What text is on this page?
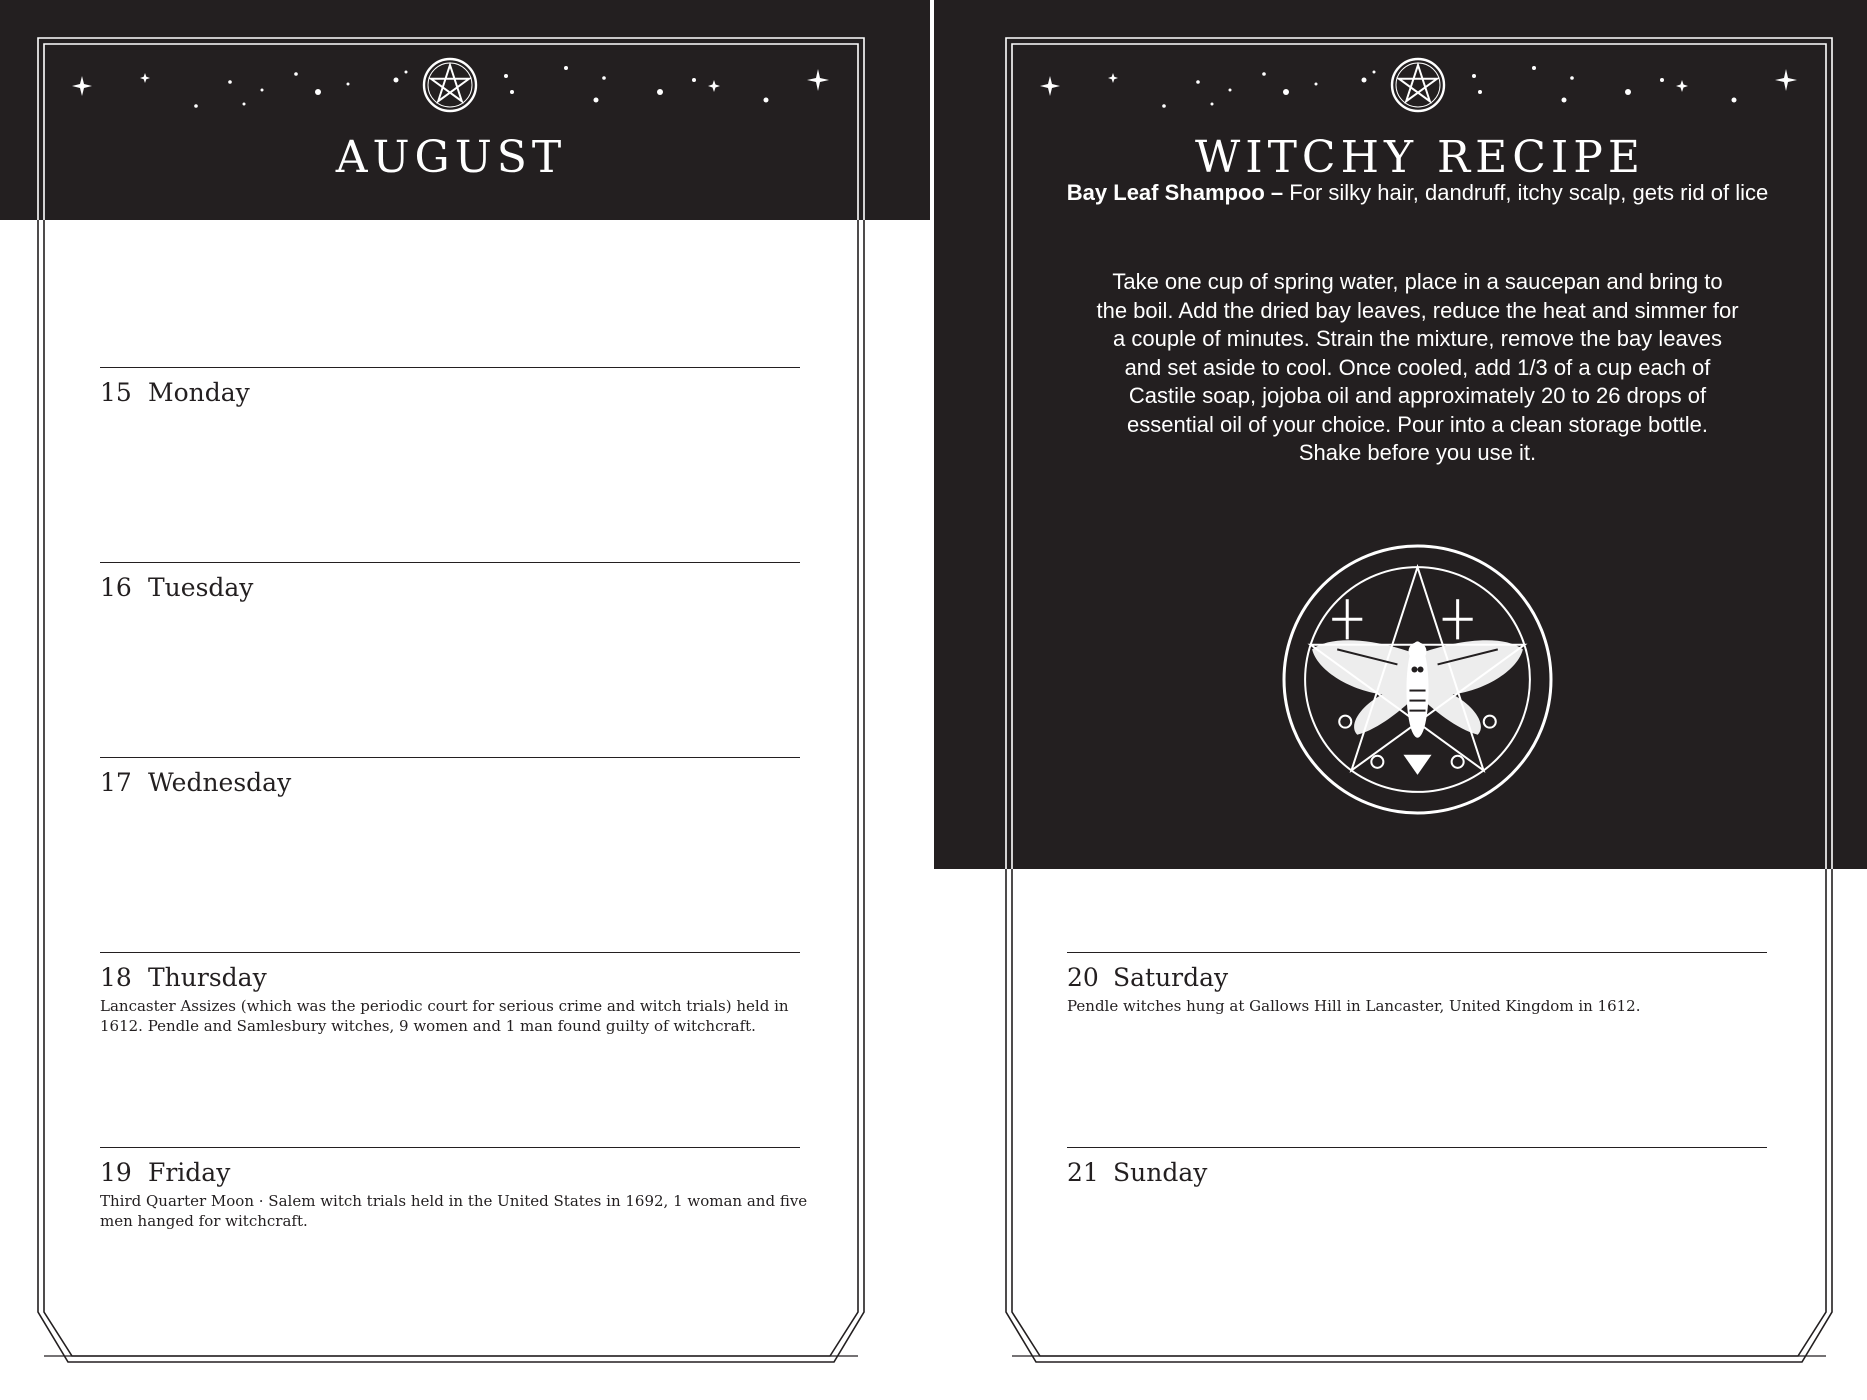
AUGUST	WITCHY RECIPE
15 Monday
16 Tuesday
17 Wednesday
18 Thursday
Lancaster Assizes (which was the periodic court for serious crime and witch trials) held in 1612. Pendle and Samlesbury witches, 9 women and 1 man found guilty of witchcraft.
19 Friday
Third Quarter Moon · Salem witch trials held in the United States in 1692, 1 woman and five men hanged for witchcraft.
Bay Leaf Shampoo – For silky hair, dandruff, itchy scalp, gets rid of lice
Take one cup of spring water, place in a saucepan and bring to the boil. Add the dried bay leaves, reduce the heat and simmer for a couple of minutes. Strain the mixture, remove the bay leaves and set aside to cool. Once cooled, add 1/3 of a cup each of Castile soap, jojoba oil and approximately 20 to 26 drops of essential oil of your choice. Pour into a clean storage bottle. Shake before you use it.
20 Saturday
Pendle witches hung at Gallows Hill in Lancaster, United Kingdom in 1612.
21 Sunday
